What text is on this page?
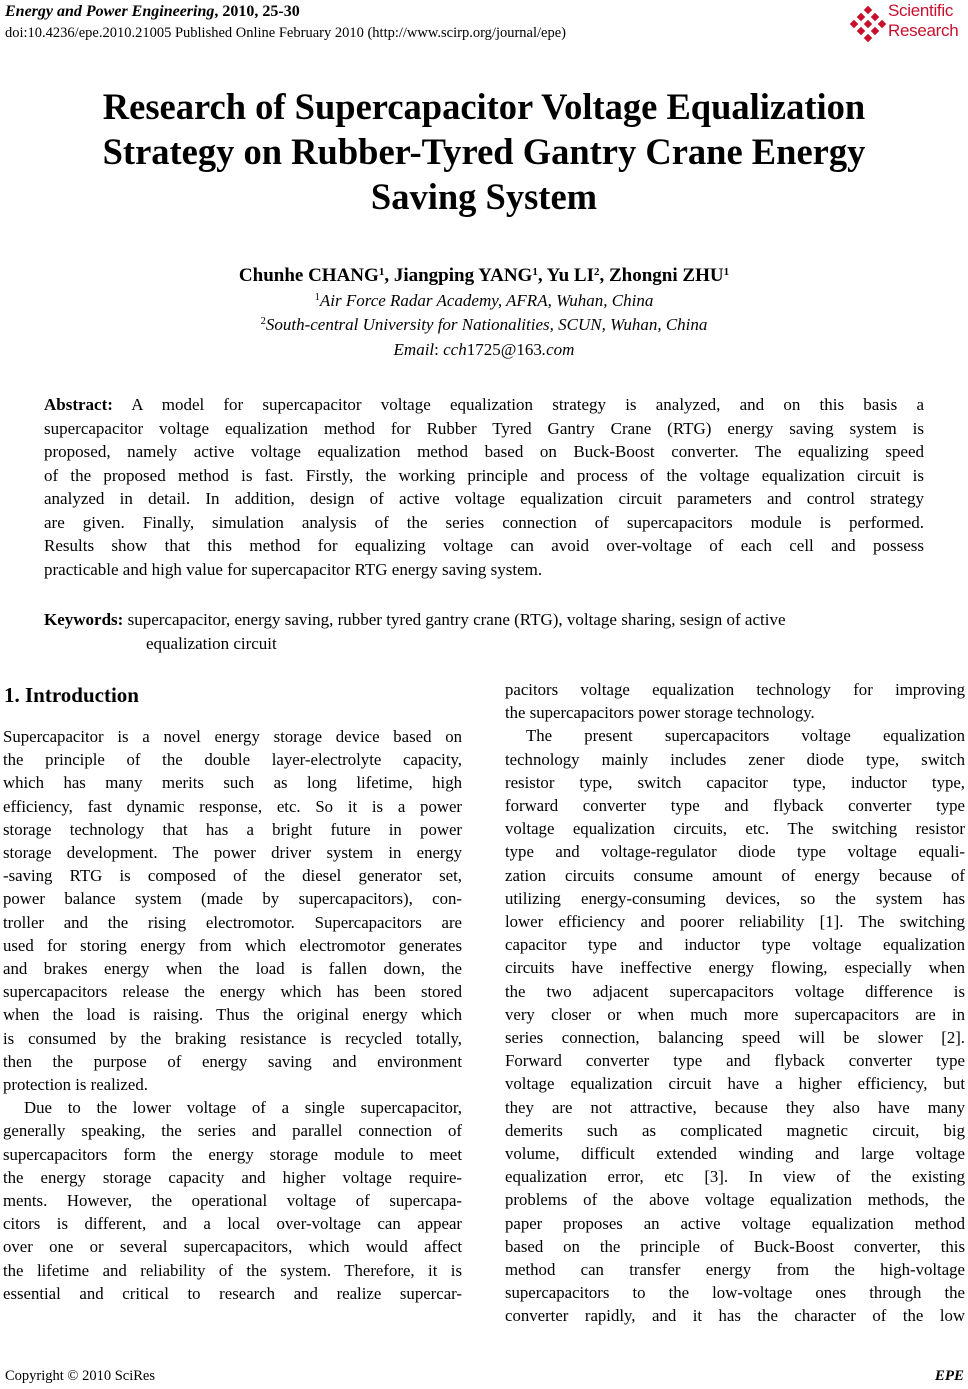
Energy and Power Engineering, 2010, 25-30
doi:10.4236/epe.2010.21005 Published Online February 2010 (http://www.scirp.org/journal/epe)
Scientific
Research
Research of Supercapacitor Voltage Equalization
Strategy on Rubber-Tyred Gantry Crane Energy
Saving System
Chunhe CHANG$^1$, Jiangping YANG$^1$, Yu $LI^2$, Zhongni ZHU$^1$
$^1$Air Force Radar Academy, AFRA, Wuhan, China
$^2$South-central University for Nationalities, SCUN, Wuhan, China
Email: cch1725@163.com
Abstract: A model for supercapacitor voltage equalization strategy is analyzed, and on this basis a
supercapacitor voltage equalization method for Rubber Tyred Gantry Crane (RTG) energy saving system is
proposed, namely active voltage equalization method based on Buck-Boost converter. The equalizing speed
of the proposed method is fast. Firstly, the working principle and process of the voltage equalization circuit is
analyzed in detail. In addition, design of active voltage equalization circuit parameters and control strategy
are given. Finally, simulation analysis of the series connection of supercapacitors module is performed.
Results show that this method for equalizing voltage can avoid over-voltage of each cell and possess
practicable and high value for supercapacitor RTG energy saving system.
Keywords: supercapacitor, energy saving, rubber tyred gantry crane (RTG), voltage sharing, sesign of active
equalization circuit
1. Introduction
Supercapacitor is a novel energy storage device based on
the principle of the double layer-electrolyte capacity,
which has many merits such as long lifetime, high
efficiency, fast dynamic response, etc. So it is a power
storage technology that has a bright future in power
storage development. The power driver system in energy
-saving RTG is composed of the diesel generator set,
power balance system (made by supercapacitors), con-
troller and the rising electromotor. Supercapacitors are
used for storing energy from which electromotor generates
and brakes energy when the load is fallen down, the
supercapacitors release the energy which has been stored
when the load is raising. Thus the original energy which
is consumed by the braking resistance is recycled totally,
then the purpose of energy saving and environment
protection is realized.
Due to the lower voltage of a single supercapacitor,
generally speaking, the series and parallel connection of
supercapacitors form the energy storage module to meet
the energy storage capacity and higher voltage require-
ments. However, the operational voltage of supercapa-
citors is different, and a local over-voltage can appear
over one or several supercapacitors, which would affect
the lifetime and reliability of the system. Therefore, it is
essential and critical to research and realize supercar-
pacitors voltage equalization technology for improving
the supercapacitors power storage technology.
The present supercapacitors voltage equalization
technology mainly includes zener diode type, switch
resistor type, switch capacitor type, inductor type,
forward converter type and flyback converter type
voltage equalization circuits, etc. The switching resistor
type and voltage-regulator diode type voltage equali-
zation circuits consume amount of energy because of
utilizing energy-consuming devices, so the system has
lower efficiency and poorer reliability [1]. The switching
capacitor type and inductor type voltage equalization
circuits have ineffective energy flowing, especially when
the two adjacent supercapacitors voltage difference is
very closer or when much more supercapacitors are in
series connection, balancing speed will be slower [2].
Forward converter type and flyback converter type
voltage equalization circuit have a higher efficiency, but
they are not attractive, because they also have many
demerits such as complicated magnetic circuit, big
volume, difficult extended winding and large voltage
equalization error, etc [3]. In view of the existing
problems of the above voltage equalization methods, the
paper proposes an active voltage equalization method
based on the principle of Buck-Boost converter, this
method can transfer energy from the high-voltage
supercapacitors to the low-voltage ones through the
converter rapidly, and it has the character of the low
Copyright © 2010 SciRes	EPE
